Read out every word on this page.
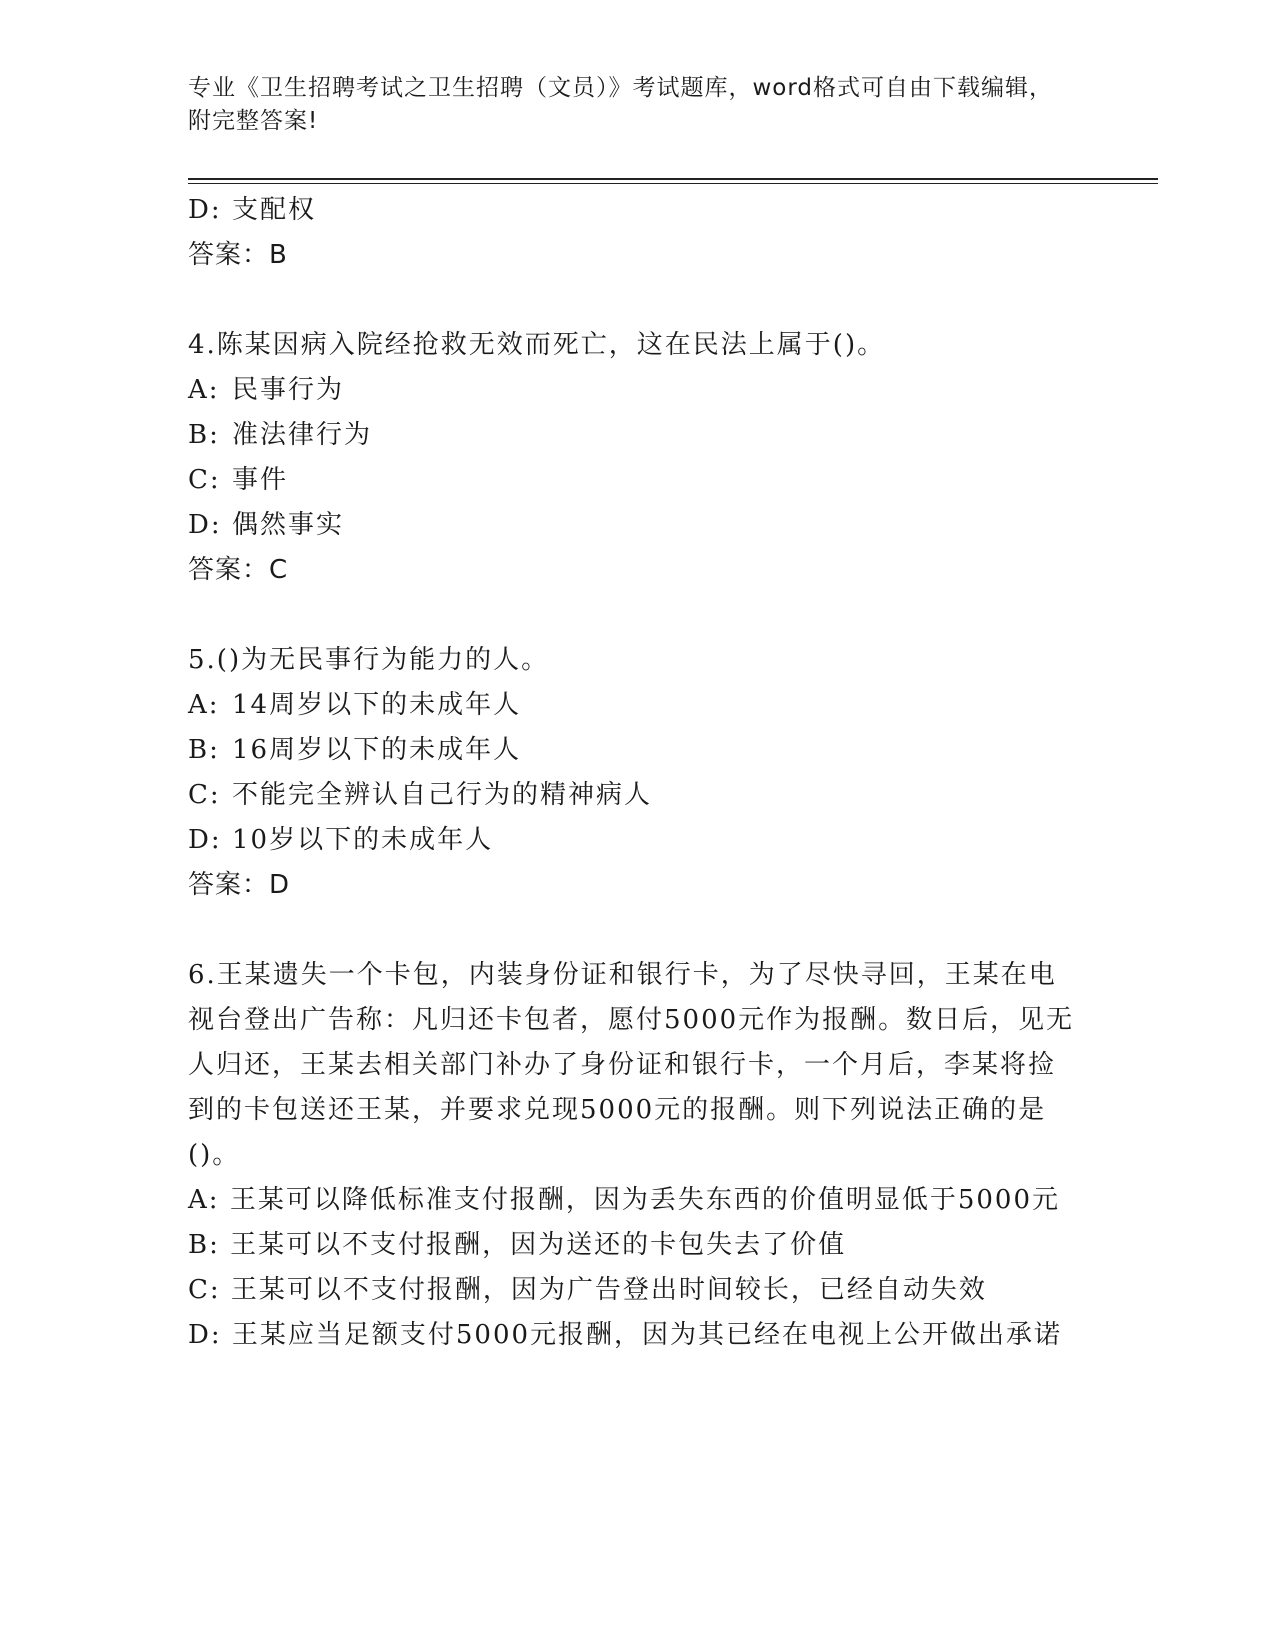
专业《卫生招聘考试之卫生招聘（文员）》考试题库，word格式可自由下载编辑，附完整答案!
D: 支配权
答案：B
4.陈某因病入院经抢救无效而死亡，这在民法上属于()。
A: 民事行为
B: 准法律行为
C: 事件
D: 偶然事实
答案：C
5.()为无民事行为能力的人。
A: 14周岁以下的未成年人
B: 16周岁以下的未成年人
C: 不能完全辨认自己行为的精神病人
D: 10岁以下的未成年人
答案：D
6.王某遗失一个卡包，内装身份证和银行卡，为了尽快寻回，王某在电视台登出广告称：凡归还卡包者，愿付5000元作为报酬。数日后，见无人归还，王某去相关部门补办了身份证和银行卡，一个月后，李某将捡到的卡包送还王某，并要求兑现5000元的报酬。则下列说法正确的是()。
A: 王某可以降低标准支付报酬，因为丢失东西的价值明显低于5000元
B: 王某可以不支付报酬，因为送还的卡包失去了价值
C: 王某可以不支付报酬，因为广告登出时间较长，已经自动失效
D: 王某应当足额支付5000元报酬，因为其已经在电视上公开做出承诺
